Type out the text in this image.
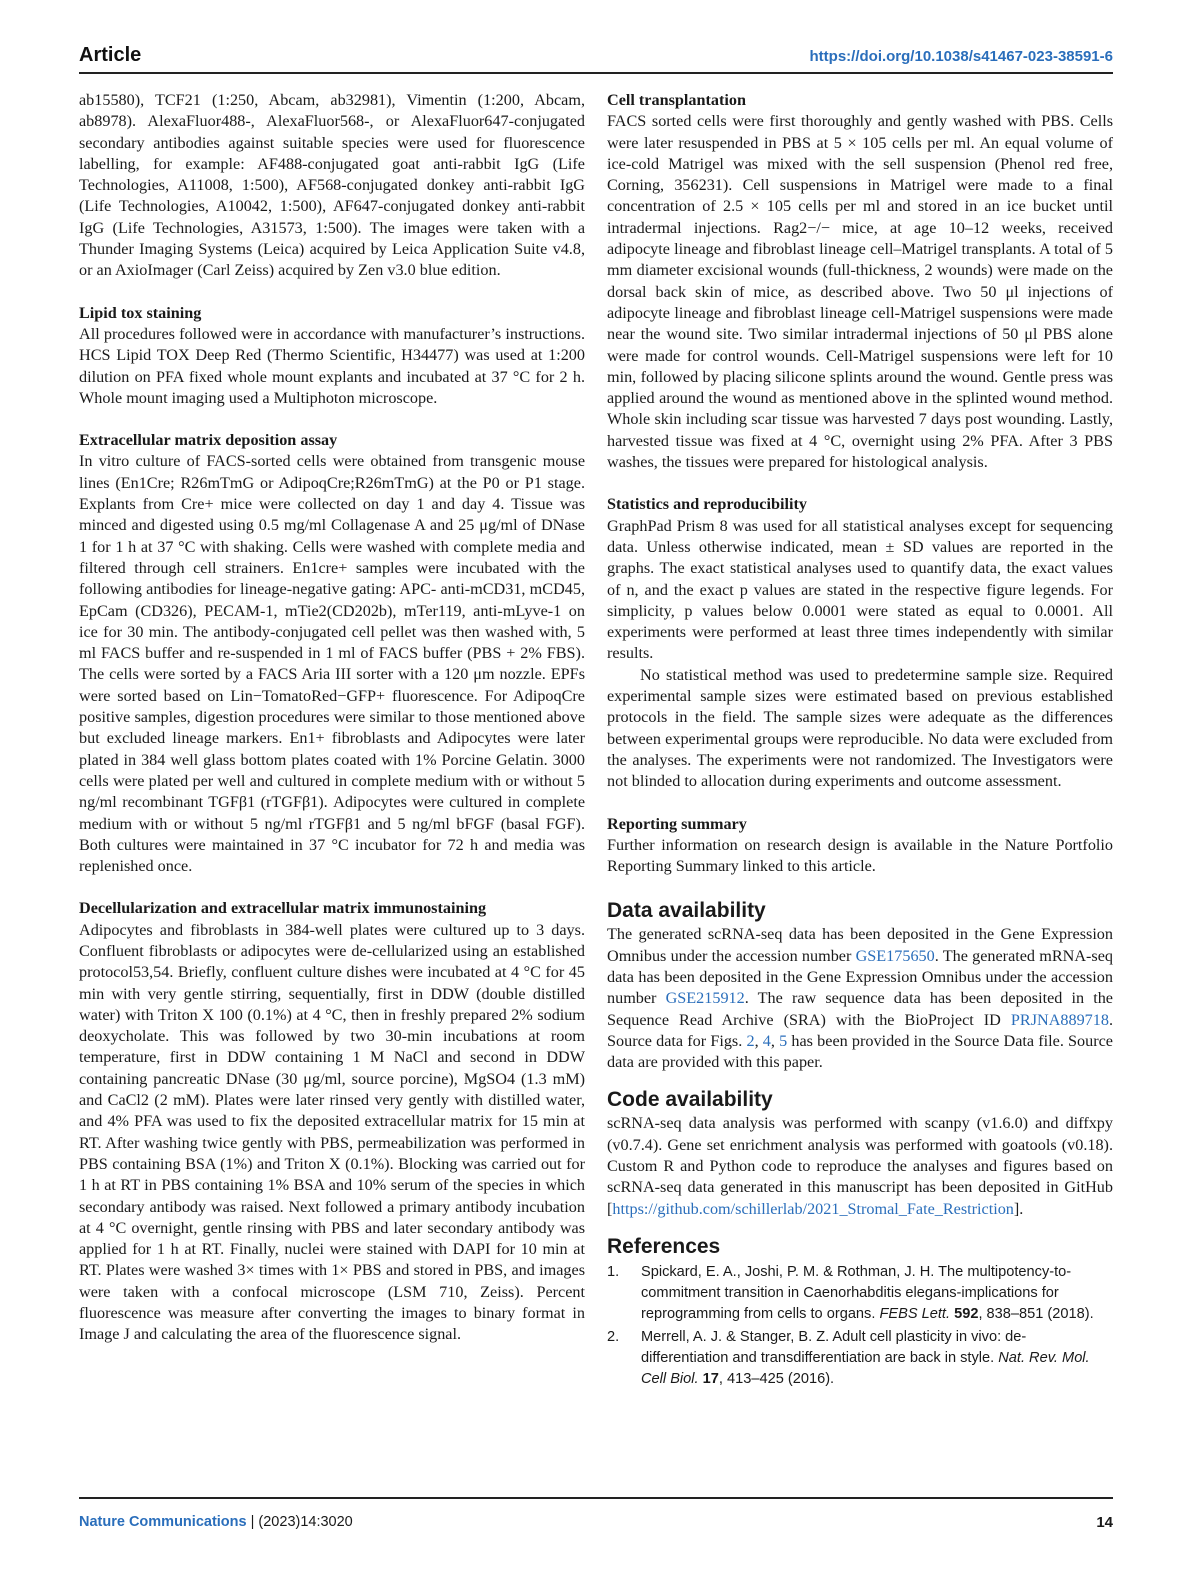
Article	https://doi.org/10.1038/s41467-023-38591-6

ab15580), TCF21 (1:250, Abcam, ab32981), Vimentin (1:200, Abcam, ab8978). AlexaFluor488-, AlexaFluor568-, or AlexaFluor647-conjugated secondary antibodies against suitable species were used for fluorescence labelling, for example: AF488-conjugated goat anti-rabbit IgG (Life Technologies, A11008, 1:500), AF568-conjugated donkey anti-rabbit IgG (Life Technologies, A10042, 1:500), AF647-conjugated donkey anti-rabbit IgG (Life Technologies, A31573, 1:500). The images were taken with a Thunder Imaging Systems (Leica) acquired by Leica Application Suite v4.8, or an AxioImager (Carl Zeiss) acquired by Zen v3.0 blue edition.

Lipid tox staining

All procedures followed were in accordance with manufacturer’s instructions. HCS Lipid TOX Deep Red (Thermo Scientific, H34477) was used at 1:200 dilution on PFA fixed whole mount explants and incubated at 37 °C for 2 h. Whole mount imaging used a Multiphoton microscope.

Extracellular matrix deposition assay

In vitro culture of FACS-sorted cells were obtained from transgenic mouse lines (En1Cre; R26mTmG or AdipoqCre;R26mTmG) at the P0 or P1 stage. Explants from Cre+ mice were collected on day 1 and day 4. Tissue was minced and digested using 0.5 mg/ml Collagenase A and 25 μg/ml of DNase 1 for 1 h at 37 °C with shaking. Cells were washed with complete media and filtered through cell strainers. En1cre+ samples were incubated with the following antibodies for lineage-negative gating: APC- anti-mCD31, mCD45, EpCam (CD326), PECAM-1, mTie2(CD202b), mTer119, anti-mLyve-1 on ice for 30 min. The antibody-conjugated cell pellet was then washed with, 5 ml FACS buffer and re-suspended in 1 ml of FACS buffer (PBS + 2% FBS). The cells were sorted by a FACS Aria III sorter with a 120 μm nozzle. EPFs were sorted based on Lin−TomatoRed−GFP+ fluorescence. For AdipoqCre positive samples, digestion procedures were similar to those mentioned above but excluded lineage markers. En1+ fibroblasts and Adipocytes were later plated in 384 well glass bottom plates coated with 1% Porcine Gelatin. 3000 cells were plated per well and cultured in complete medium with or without 5 ng/ml recombinant TGFβ1 (rTGFβ1). Adipocytes were cultured in complete medium with or without 5 ng/ml rTGFβ1 and 5 ng/ml bFGF (basal FGF). Both cultures were maintained in 37 °C incubator for 72 h and media was replenished once.

Decellularization and extracellular matrix immunostaining

Adipocytes and fibroblasts in 384-well plates were cultured up to 3 days. Confluent fibroblasts or adipocytes were de-cellularized using an established protocol53,54. Briefly, confluent culture dishes were incubated at 4 °C for 45 min with very gentle stirring, sequentially, first in DDW (double distilled water) with Triton X 100 (0.1%) at 4 °C, then in freshly prepared 2% sodium deoxycholate. This was followed by two 30-min incubations at room temperature, first in DDW containing 1 M NaCl and second in DDW containing pancreatic DNase (30 μg/ml, source porcine), MgSO4 (1.3 mM) and CaCl2 (2 mM). Plates were later rinsed very gently with distilled water, and 4% PFA was used to fix the deposited extracellular matrix for 15 min at RT. After washing twice gently with PBS, permeabilization was performed in PBS containing BSA (1%) and Triton X (0.1%). Blocking was carried out for 1 h at RT in PBS containing 1% BSA and 10% serum of the species in which secondary antibody was raised. Next followed a primary antibody incubation at 4 °C overnight, gentle rinsing with PBS and later secondary antibody was applied for 1 h at RT. Finally, nuclei were stained with DAPI for 10 min at RT. Plates were washed 3× times with 1× PBS and stored in PBS, and images were taken with a confocal microscope (LSM 710, Zeiss). Percent fluorescence was measure after converting the images to binary format in Image J and calculating the area of the fluorescence signal.

Cell transplantation

FACS sorted cells were first thoroughly and gently washed with PBS. Cells were later resuspended in PBS at 5 × 105 cells per ml. An equal volume of ice-cold Matrigel was mixed with the sell suspension (Phenol red free, Corning, 356231). Cell suspensions in Matrigel were made to a final concentration of 2.5 × 105 cells per ml and stored in an ice bucket until intradermal injections. Rag2−/− mice, at age 10–12 weeks, received adipocyte lineage and fibroblast lineage cell–Matrigel transplants. A total of 5 mm diameter excisional wounds (full-thickness, 2 wounds) were made on the dorsal back skin of mice, as described above. Two 50 μl injections of adipocyte lineage and fibroblast lineage cell-Matrigel suspensions were made near the wound site. Two similar intradermal injections of 50 μl PBS alone were made for control wounds. Cell-Matrigel suspensions were left for 10 min, followed by placing silicone splints around the wound. Gentle press was applied around the wound as mentioned above in the splinted wound method. Whole skin including scar tissue was harvested 7 days post wounding. Lastly, harvested tissue was fixed at 4 °C, overnight using 2% PFA. After 3 PBS washes, the tissues were prepared for histological analysis.

Statistics and reproducibility

GraphPad Prism 8 was used for all statistical analyses except for sequencing data. Unless otherwise indicated, mean ± SD values are reported in the graphs. The exact statistical analyses used to quantify data, the exact values of n, and the exact p values are stated in the respective figure legends. For simplicity, p values below 0.0001 were stated as equal to 0.0001. All experiments were performed at least three times independently with similar results.

No statistical method was used to predetermine sample size. Required experimental sample sizes were estimated based on previous established protocols in the field. The sample sizes were adequate as the differences between experimental groups were reproducible. No data were excluded from the analyses. The experiments were not randomized. The Investigators were not blinded to allocation during experiments and outcome assessment.

Reporting summary

Further information on research design is available in the Nature Portfolio Reporting Summary linked to this article.

Data availability

The generated scRNA-seq data has been deposited in the Gene Expression Omnibus under the accession number GSE175650. The generated mRNA-seq data has been deposited in the Gene Expression Omnibus under the accession number GSE215912. The raw sequence data has been deposited in the Sequence Read Archive (SRA) with the BioProject ID PRJNA889718. Source data for Figs. 2, 4, 5 has been provided in the Source Data file. Source data are provided with this paper.

Code availability

scRNA-seq data analysis was performed with scanpy (v1.6.0) and diffxpy (v0.7.4). Gene set enrichment analysis was performed with goatools (v0.18). Custom R and Python code to reproduce the analyses and figures based on scRNA-seq data generated in this manuscript has been deposited in GitHub [https://github.com/schillerlab/2021_Stromal_Fate_Restriction].

References

1. Spickard, E. A., Joshi, P. M. & Rothman, J. H. The multipotency-to-commitment transition in Caenorhabditis elegans-implications for reprogramming from cells to organs. FEBS Lett. 592, 838–851 (2018).
2. Merrell, A. J. & Stanger, B. Z. Adult cell plasticity in vivo: de-differentiation and transdifferentiation are back in style. Nat. Rev. Mol. Cell Biol. 17, 413–425 (2016).
Nature Communications | (2023)14:3020	14
